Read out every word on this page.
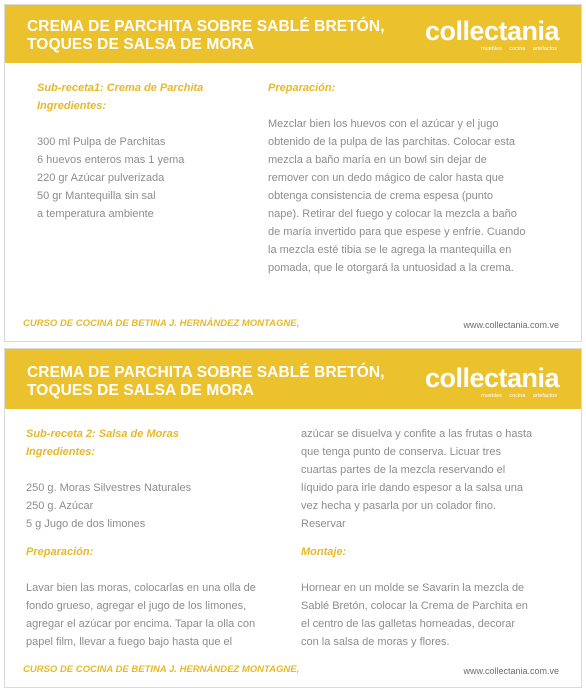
CREMA DE PARCHITA SOBRE SABLÉ BRETÓN,
TOQUES DE SALSA DE MORA	collectania
muebles cocina artefactos
Sub-receta1: Crema de Parchita
Ingredientes:
300 ml Pulpa de Parchitas
6 huevos enteros mas 1 yema
220 gr Azúcar pulverizada
50 gr Mantequilla sin sal
a temperatura ambiente
Preparación:
Mezclar bien los huevos con el azúcar y el jugo
obtenido de la pulpa de las parchitas. Colocar esta
mezcla a baño maría en un bowl sin dejar de
remover con un dedo mágico de calor hasta que
obtenga consistencia de crema espesa (punto
nape). Retirar del fuego y colocar la mezcla a baño
de maría invertido para que espese y enfríe. Cuando
la mezcla esté tibia se le agrega la mantequilla en
pomada, que le otorgará la untuosidad a la crema.
CURSO DE COCINA DE BETINA J. HERNÁNDEZ MONTAGNE,	www.collectania.com.ve
CREMA DE PARCHITA SOBRE SABLÉ BRETÓN,
TOQUES DE SALSA DE MORA	collectania
muebles cocina artefactos
Sub-receta 2: Salsa de Moras
Ingredientes:
250 g. Moras Silvestres Naturales
250 g. Azúcar
5 g Jugo de dos limones
Preparación:
Lavar bien las moras, colocarlas en una olla de
fondo grueso, agregar el jugo de los limones,
agregar el azúcar por encima. Tapar la olla con
papel film, llevar a fuego bajo hasta que el
azúcar se disuelva y confite a las frutas o hasta
que tenga punto de conserva. Licuar tres
cuartas partes de la mezcla reservando el
líquido para irle dando espesor a la salsa una
vez hecha y pasarla por un colador fino.
Reservar
Montaje:
Hornear en un molde se Savarin la mezcla de
Sablé Bretón, colocar la Crema de Parchita en
el centro de las galletas horneadas, decorar
con la salsa de moras y flores.
CURSO DE COCINA DE BETINA J. HERNÁNDEZ MONTAGNE,	www.collectania.com.ve
